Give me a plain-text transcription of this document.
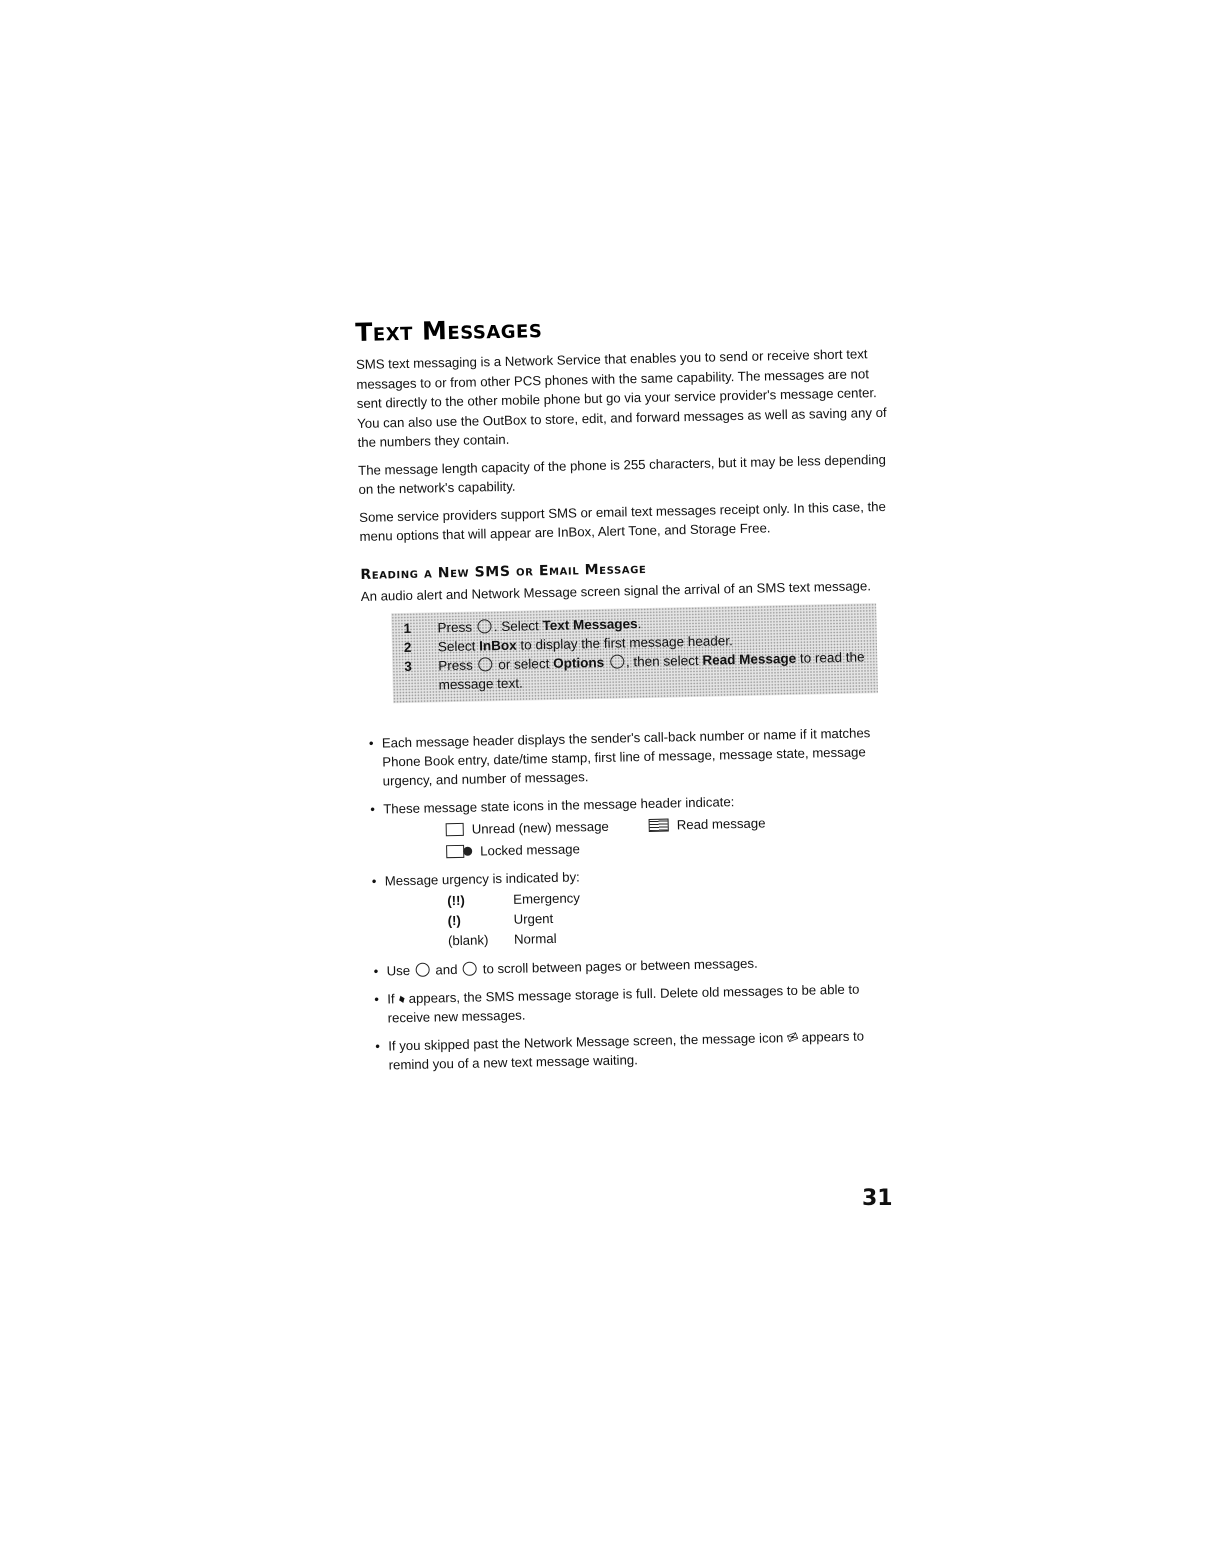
Text Messages

SMS text messaging is a Network Service that enables you to send or receive short text messages to or from other PCS phones with the same capability. The messages are not sent directly to the other mobile phone but go via your service provider's message center. You can also use the OutBox to store, edit, and forward messages as well as saving any of the numbers they contain.

The message length capacity of the phone is 255 characters, but it may be less depending on the network's capability.

Some service providers support SMS or email text messages receipt only. In this case, the menu options that will appear are InBox, Alert Tone, and Storage Free.

Reading a New SMS or Email Message

An audio alert and Network Message screen signal the arrival of an SMS text message.

1	Press . Select Text Messages.
2	Select InBox to display the first message header.
3	Press or select Options , then select Read Message to read the message text.
• Each message header displays the sender's call-back number or name if it matches Phone Book entry, date/time stamp, first line of message, message state, message urgency, and number of messages.
• These message state icons in the message header indicate:
Unread (new) message	Read message
Locked message
• Message urgency is indicated by:
(!!)	Emergency
(!)	Urgent
(blank)	Normal
• Use and to scroll between pages or between messages.
• If ♦ appears, the SMS message storage is full. Delete old messages to be able to receive new messages.
• If you skipped past the Network Message screen, the message icon ✉ appears to remind you of a new text message waiting.
31
